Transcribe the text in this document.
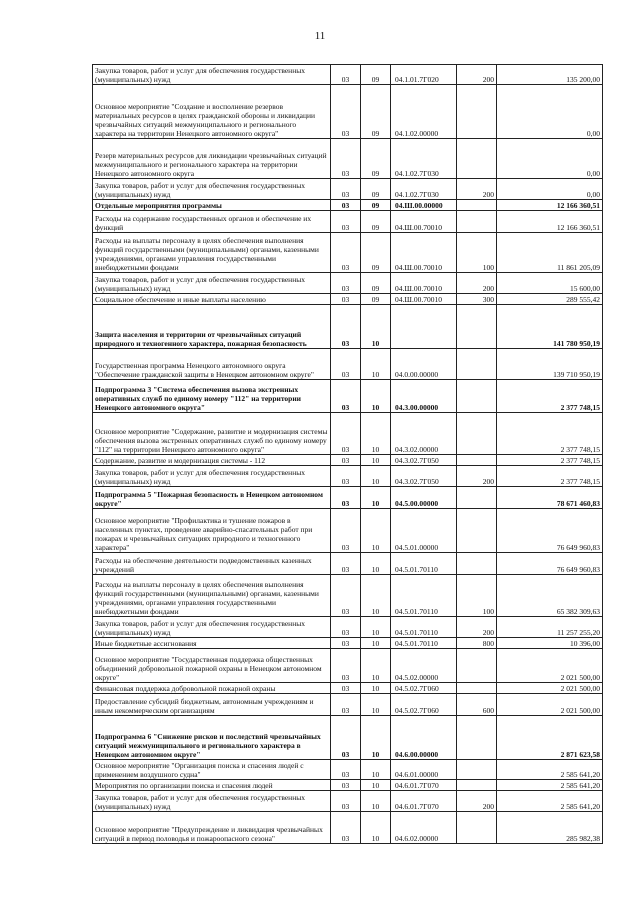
11
Закупка товаров, работ и услуг для обеспечения государственных (муниципальных) нужд	03	09	04.1.01.7Г020	200	135 200,00
Основное мероприятие "Создание и восполнение резервов материальных ресурсов в целях гражданской обороны и ликвидации чрезвычайных ситуаций межмуниципального и регионального характера на территории Ненецкого автономного округа"	03	09	04.1.02.00000		0,00
Резерв материальных ресурсов для ликвидации чрезвычайных ситуаций межмуниципального и регионального характера на территории Ненецкого автономного округа	03	09	04.1.02.7Г030		0,00
Закупка товаров, работ и услуг для обеспечения государственных (муниципальных) нужд	03	09	04.1.02.7Г030	200	0,00
Отдельные мероприятия программы	03	09	04.Ш.00.00000		12 166 360,51
Расходы на содержание государственных органов и обеспечение их функций	03	09	04.Ш.00.70010		12 166 360,51
Расходы на выплаты персоналу в целях обеспечения выполнения функций государственными (муниципальными) органами, казенными учреждениями, органами управления государственными внебюджетными фондами	03	09	04.Ш.00.70010	100	11 861 205,09
Закупка товаров, работ и услуг для обеспечения государственных (муниципальных) нужд	03	09	04.Ш.00.70010	200	15 600,00
Социальное обеспечение и иные выплаты населению	03	09	04.Ш.00.70010	300	289 555,42
Защита населения и территории от чрезвычайных ситуаций природного и техногенного характера, пожарная безопасность	03	10			141 780 950,19
Государственная программа Ненецкого автономного округа "Обеспечение гражданской защиты в Ненецком автономном округе"	03	10	04.0.00.00000		139 710 950,19
Подпрограмма 3 "Система обеспечения вызова экстренных оперативных служб по единому номеру "112" на территории Ненецкого автономного округа"	03	10	04.3.00.00000		2 377 748,15
Основное мероприятие "Содержание, развитие и модернизация системы обеспечения вызова экстренных оперативных служб по единому номеру "112" на территории Ненецкого автономного округа"	03	10	04.3.02.00000		2 377 748,15
Содержание, развитие и модернизация системы - 112	03	10	04.3.02.7Г050		2 377 748,15
Закупка товаров, работ и услуг для обеспечения государственных (муниципальных) нужд	03	10	04.3.02.7Г050	200	2 377 748,15
Подпрограмма 5 "Пожарная безопасность в Ненецком автономном округе"	03	10	04.5.00.00000		78 671 460,83
Основное мероприятие "Профилактика и тушение пожаров в населенных пунктах, проведение аварийно-спасательных работ при пожарах и чрезвычайных ситуациях природного и техногенного характера"	03	10	04.5.01.00000		76 649 960,83
Расходы на обеспечение деятельности подведомственных казенных учреждений	03	10	04.5.01.70110		76 649 960,83
Расходы на выплаты персоналу в целях обеспечения выполнения функций государственными (муниципальными) органами, казенными учреждениями, органами управления государственными внебюджетными фондами	03	10	04.5.01.70110	100	65 382 309,63
Закупка товаров, работ и услуг для обеспечения государственных (муниципальных) нужд	03	10	04.5.01.70110	200	11 257 255,20
Иные бюджетные ассигнования	03	10	04.5.01.70110	800	10 396,00
Основное мероприятие "Государственная поддержка общественных объединений добровольной пожарной охраны в Ненецком автономном округе"	03	10	04.5.02.00000		2 021 500,00
Финансовая поддержка добровольной пожарной охраны	03	10	04.5.02.7Г060		2 021 500,00
Предоставление субсидий бюджетным, автономным учреждениям и иным некоммерческим организациям	03	10	04.5.02.7Г060	600	2 021 500,00
Подпрограмма 6 "Снижение рисков и последствий чрезвычайных ситуаций межмуниципального и регионального характера в Ненецком автономном округе"	03	10	04.6.00.00000		2 871 623,58
Основное мероприятие "Организация поиска и спасения людей с применением воздушного судна"	03	10	04.6.01.00000		2 585 641,20
Мероприятия по организации поиска и спасения людей	03	10	04.6.01.7Г070		2 585 641,20
Закупка товаров, работ и услуг для обеспечения государственных (муниципальных) нужд	03	10	04.6.01.7Г070	200	2 585 641,20
Основное мероприятие "Предупреждение и ликвидация чрезвычайных ситуаций в период половодья и пожароопасного сезона"	03	10	04.6.02.00000		285 982,38
